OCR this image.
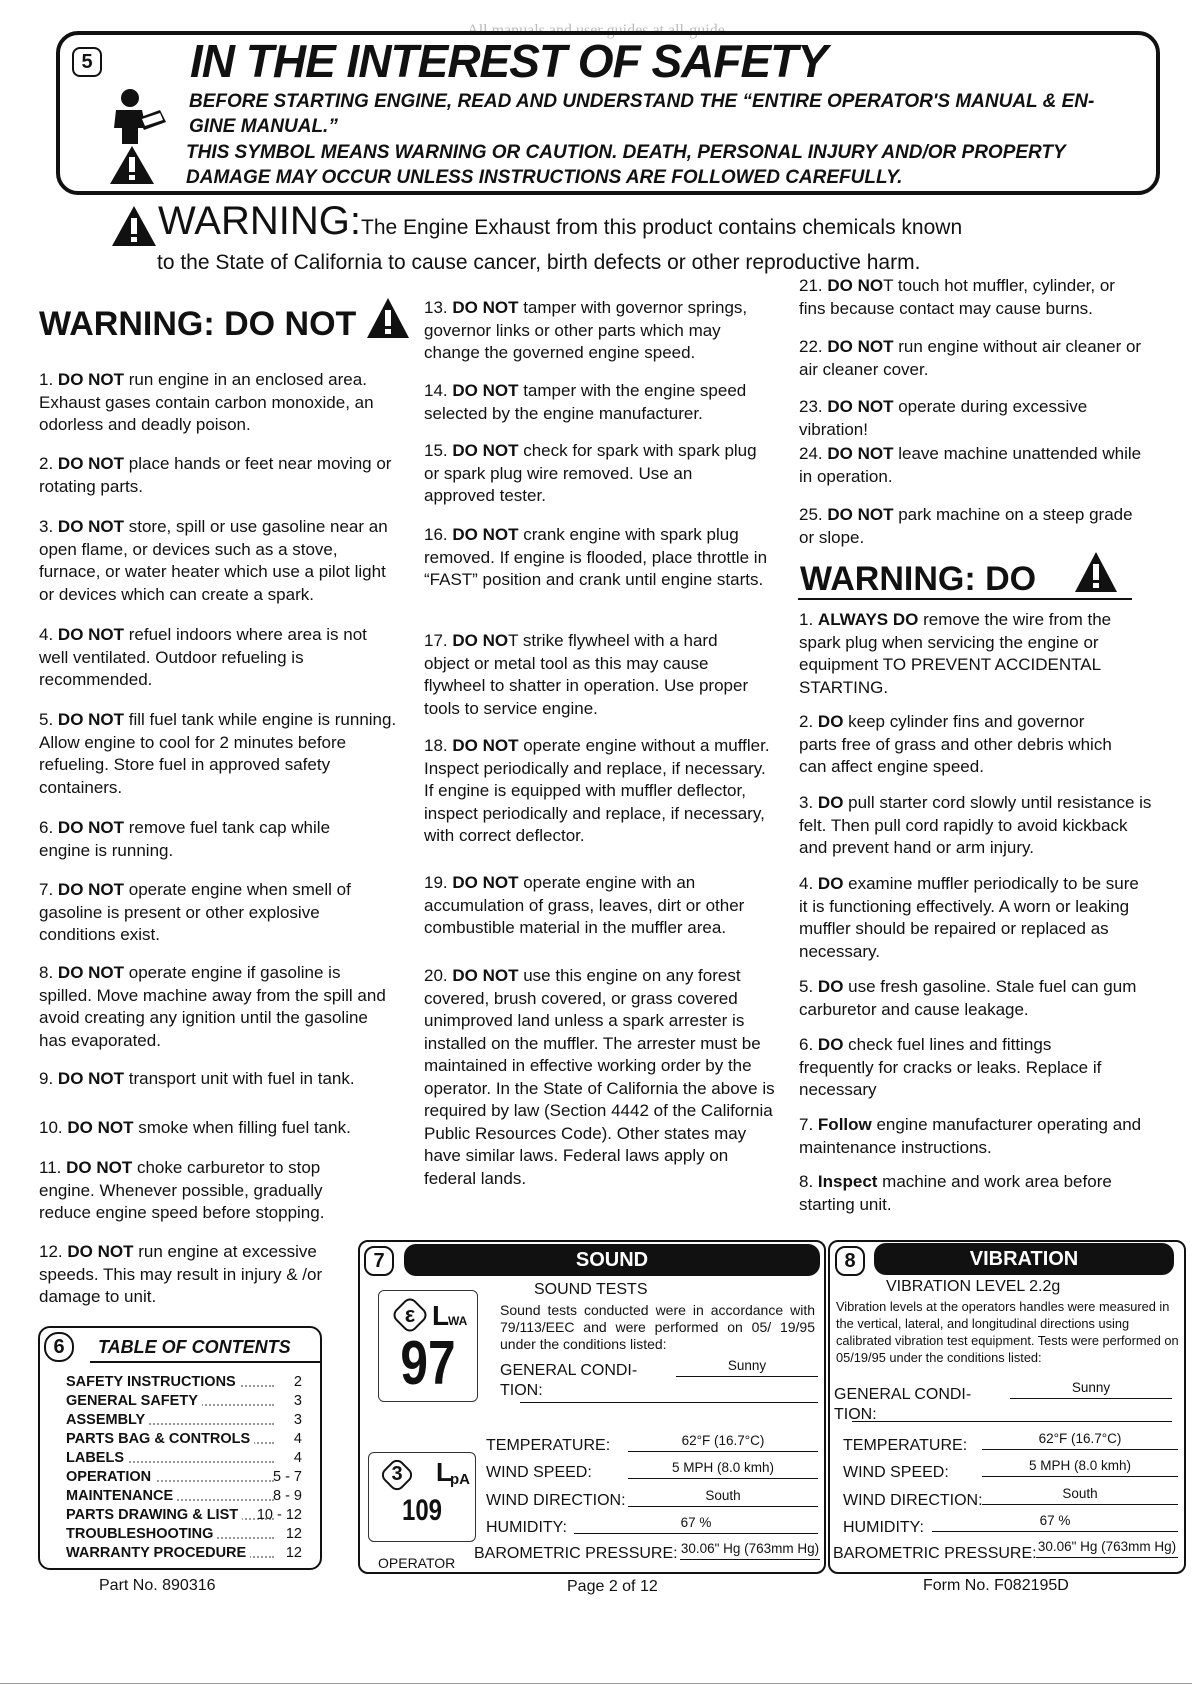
All manuals and user guides at all-guide
5 IN THE INTEREST OF SAFETY
BEFORE STARTING ENGINE, READ AND UNDERSTAND THE “ENTIRE OPERATOR'S MANUAL & EN-
GINE MANUAL.”
THIS SYMBOL MEANS WARNING OR CAUTION. DEATH, PERSONAL INJURY AND/OR PROPERTY
DAMAGE MAY OCCUR UNLESS INSTRUCTIONS ARE FOLLOWED CAREFULLY.
WARNING: The Engine Exhaust from this product contains chemicals known
to the State of California to cause cancer, birth defects or other reproductive harm.
WARNING: DO NOT

1. DO NOT run engine in an enclosed area. Exhaust gases contain carbon monoxide, an odorless and deadly poison.

2. DO NOT place hands or feet near moving or rotating parts.

3. DO NOT store, spill or use gasoline near an open flame, or devices such as a stove, furnace, or water heater which use a pilot light or devices which can create a spark.

4. DO NOT refuel indoors where area is not well ventilated. Outdoor refueling is recommended.

5. DO NOT fill fuel tank while engine is running. Allow engine to cool for 2 minutes before refueling. Store fuel in approved safety containers.

6. DO NOT remove fuel tank cap while engine is running.

7. DO NOT operate engine when smell of gasoline is present or other explosive conditions exist.

8. DO NOT operate engine if gasoline is spilled. Move machine away from the spill and avoid creating any ignition until the gasoline has evaporated.

9. DO NOT transport unit with fuel in tank.

10. DO NOT smoke when filling fuel tank.

11. DO NOT choke carburetor to stop engine. Whenever possible, gradually reduce engine speed before stopping.

12. DO NOT run engine at excessive speeds. This may result in injury & /or damage to unit.

13. DO NOT tamper with governor springs, governor links or other parts which may change the governed engine speed.

14. DO NOT tamper with the engine speed selected by the engine manufacturer.

15. DO NOT check for spark with spark plug or spark plug wire removed. Use an approved tester.

16. DO NOT crank engine with spark plug removed. If engine is flooded, place throttle in “FAST” position and crank until engine starts.

17. DO NOT strike flywheel with a hard object or metal tool as this may cause flywheel to shatter in operation. Use proper tools to service engine.

18. DO NOT operate engine without a muffler. Inspect periodically and replace, if necessary. If engine is equipped with muffler deflector, inspect periodically and replace, if necessary, with correct deflector.

19. DO NOT operate engine with an accumulation of grass, leaves, dirt or other combustible material in the muffler area.

20. DO NOT use this engine on any forest covered, brush covered, or grass covered unimproved land unless a spark arrester is installed on the muffler. The arrester must be maintained in effective working order by the operator. In the State of California the above is required by law (Section 4442 of the California Public Resources Code). Other states may have similar laws. Federal laws apply on federal lands.

21. DO NOT touch hot muffler, cylinder, or fins because contact may cause burns.

22. DO NOT run engine without air cleaner or air cleaner cover.

23. DO NOT operate during excessive vibration!

24. DO NOT leave machine unattended while in operation.

25. DO NOT park machine on a steep grade or slope.

WARNING: DO

1. ALWAYS DO remove the wire from the spark plug when servicing the engine or equipment TO PREVENT ACCIDENTAL STARTING.

2. DO keep cylinder fins and governor parts free of grass and other debris which can affect engine speed.

3. DO pull starter cord slowly until resistance is felt. Then pull cord rapidly to avoid kickback and prevent hand or arm injury.

4. DO examine muffler periodically to be sure it is functioning effectively. A worn or leaking muffler should be repaired or replaced as necessary.

5. DO use fresh gasoline. Stale fuel can gum carburetor and cause leakage.

6. DO check fuel lines and fittings frequently for cracks or leaks. Replace if necessary

7. Follow engine manufacturer operating and maintenance instructions.

8. Inspect machine and work area before starting unit.

6	TABLE OF CONTENTS
SAFETY INSTRUCTIONS	2
GENERAL SAFETY	3
ASSEMBLY	3
PARTS BAG & CONTROLS	4
LABELS	4
OPERATION	5 - 7
MAINTENANCE	8 - 9
PARTS DRAWING & LIST 10 - 12
TROUBLESHOOTING	12
WARRANTY PROCEDURE	12
7	SOUND
SOUND TESTS
Sound tests conducted were in accordance with 79/113/EEC and were performed on 05/ 19/95 under the conditions listed:
ε L
WA
97
3 L
pA
109
OPERATOR
GENERAL CONDI-
TION:
Sunny
TEMPERATURE:	62°F (16.7°C)
WIND SPEED:	5 MPH (8.0 kmh)
WIND DIRECTION:	South
HUMIDITY:	67 %
BAROMETRIC PRESSURE: 30.06" Hg (763mm Hg)
8	VIBRATION
VIBRATION LEVEL 2.2g
Vibration levels at the operators handles were measured in the vertical, lateral, and longitudinal directions using calibrated vibration test equipment. Tests were performed on 05/19/95 under the conditions listed:
GENERAL CONDI-
TION:
Sunny
TEMPERATURE:	62°F (16.7°C)
WIND SPEED:	5 MPH (8.0 kmh)
WIND DIRECTION:	South
HUMIDITY:	67 %
BAROMETRIC PRESSURE: 30.06" Hg (763mm Hg)
Part No. 890316	Page 2 of 12	Form No. F082195D
